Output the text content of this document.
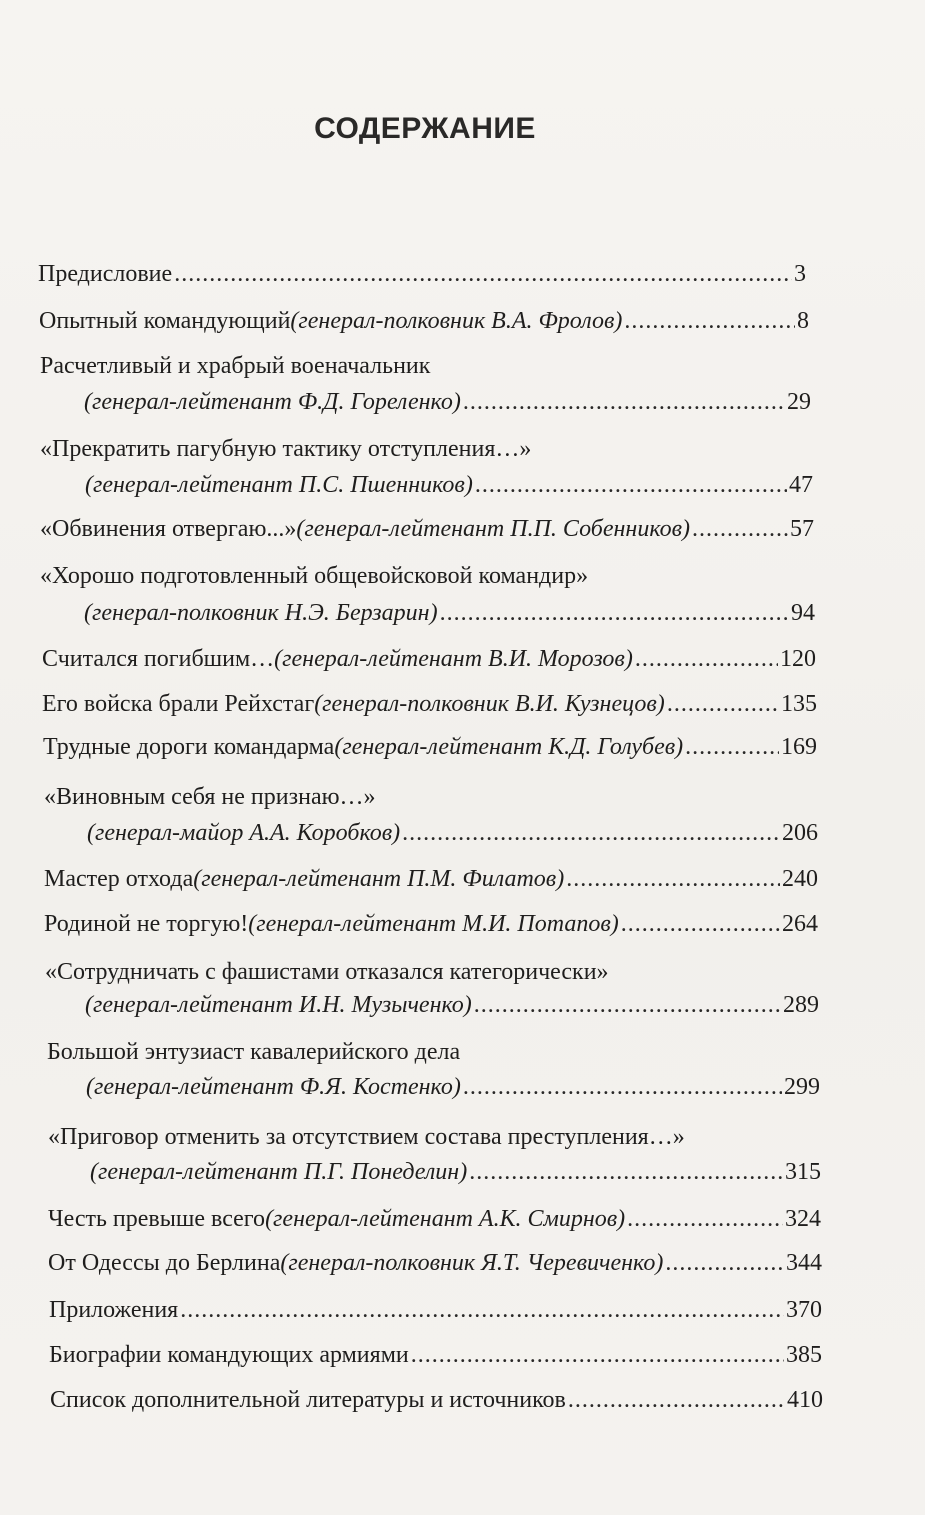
СОДЕРЖАНИЕ
Предисловие .....	3
Опытный командующий (генерал-полковник В.А. Фролов) .....	8
Расчетливый и храбрый военачальник
(генерал-лейтенант Ф.Д. Гореленко) .....	29
«Прекратить пагубную тактику отступления…»
(генерал-лейтенант П.С. Пшенников) .....	47
«Обвинения отвергаю...» (генерал-лейтенант П.П. Собенников) .....	57
«Хорошо подготовленный общевойсковой командир»
(генерал-полковник Н.Э. Берзарин) .....	94
Считался погибшим… (генерал-лейтенант В.И. Морозов) .....	120
Его войска брали Рейхстаг (генерал-полковник В.И. Кузнецов) .....	135
Трудные дороги командарма (генерал-лейтенант К.Д. Голубев) .....	169
«Виновным себя не признаю…»
(генерал-майор А.А. Коробков) .....	206
Мастер отхода (генерал-лейтенант П.М. Филатов) .....	240
Родиной не торгую! (генерал-лейтенант М.И. Потапов) .....	264
«Сотрудничать с фашистами отказался категорически»
(генерал-лейтенант И.Н. Музыченко) .....	289
Большой энтузиаст кавалерийского дела
(генерал-лейтенант Ф.Я. Костенко) .....	299
«Приговор отменить за отсутствием состава преступления…»
(генерал-лейтенант П.Г. Понеделин) .....	315
Честь превыше всего (генерал-лейтенант А.К. Смирнов) .....	324
От Одессы до Берлина (генерал-полковник Я.Т. Черевиченко) .....	344
Приложения .....	370
Биографии командующих армиями .....	385
Список дополнительной литературы и источников .....	410
